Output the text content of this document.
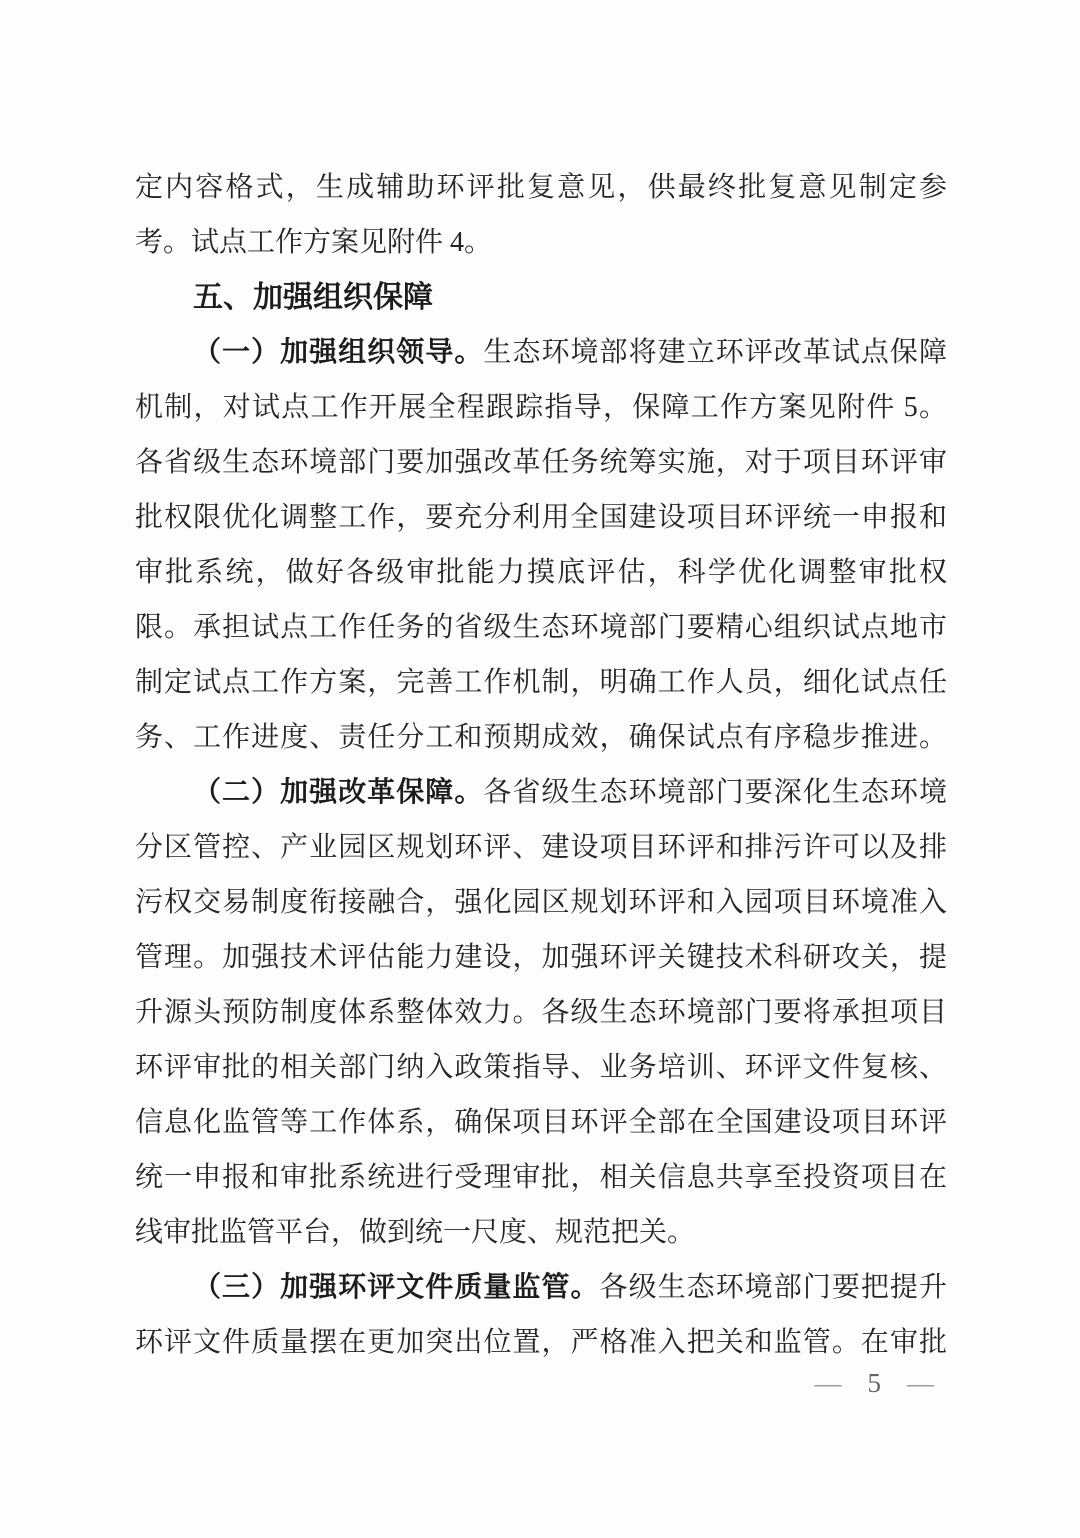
定内容格式，生成辅助环评批复意见，供最终批复意见制定参
考。试点工作方案见附件 4。
五、加强组织保障
（一）加强组织领导。生态环境部将建立环评改革试点保障
机制，对试点工作开展全程跟踪指导，保障工作方案见附件 5。
各省级生态环境部门要加强改革任务统筹实施，对于项目环评审
批权限优化调整工作，要充分利用全国建设项目环评统一申报和
审批系统，做好各级审批能力摸底评估，科学优化调整审批权
限。承担试点工作任务的省级生态环境部门要精心组织试点地市
制定试点工作方案，完善工作机制，明确工作人员，细化试点任
务、工作进度、责任分工和预期成效，确保试点有序稳步推进。
（二）加强改革保障。各省级生态环境部门要深化生态环境
分区管控、产业园区规划环评、建设项目环评和排污许可以及排
污权交易制度衔接融合，强化园区规划环评和入园项目环境准入
管理。加强技术评估能力建设，加强环评关键技术科研攻关，提
升源头预防制度体系整体效力。各级生态环境部门要将承担项目
环评审批的相关部门纳入政策指导、业务培训、环评文件复核、
信息化监管等工作体系，确保项目环评全部在全国建设项目环评
统一申报和审批系统进行受理审批，相关信息共享至投资项目在
线审批监管平台，做到统一尺度、规范把关。
（三）加强环评文件质量监管。各级生态环境部门要把提升
环评文件质量摆在更加突出位置，严格准入把关和监管。在审批
— 5 —
